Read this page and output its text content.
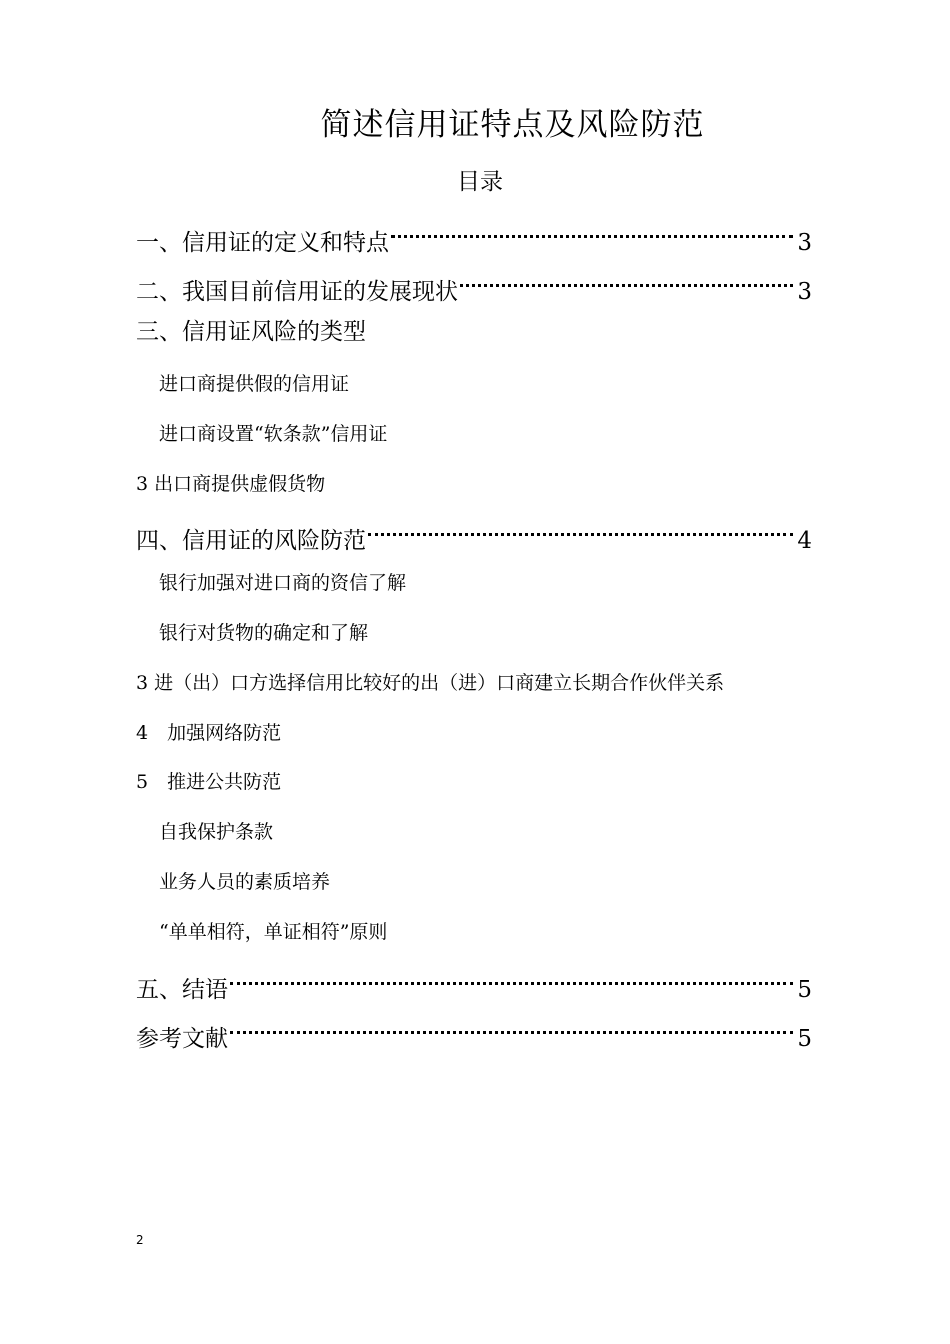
简述信用证特点及风险防范
目录
一、信用证的定义和特点	3
二、我国目前信用证的发展现状	3
三、信用证风险的类型
进口商提供假的信用证
进口商设置“软条款”信用证
3 出口商提供虚假货物
四、信用证的风险防范	4
银行加强对进口商的资信了解
银行对货物的确定和了解
3 进（出）口方选择信用比较好的出（进）口商建立长期合作伙伴关系
4　加强网络防范
5　推进公共防范
自我保护条款
业务人员的素质培养
“单单相符，单证相符”原则
五、结语	5
参考文献	5
2
